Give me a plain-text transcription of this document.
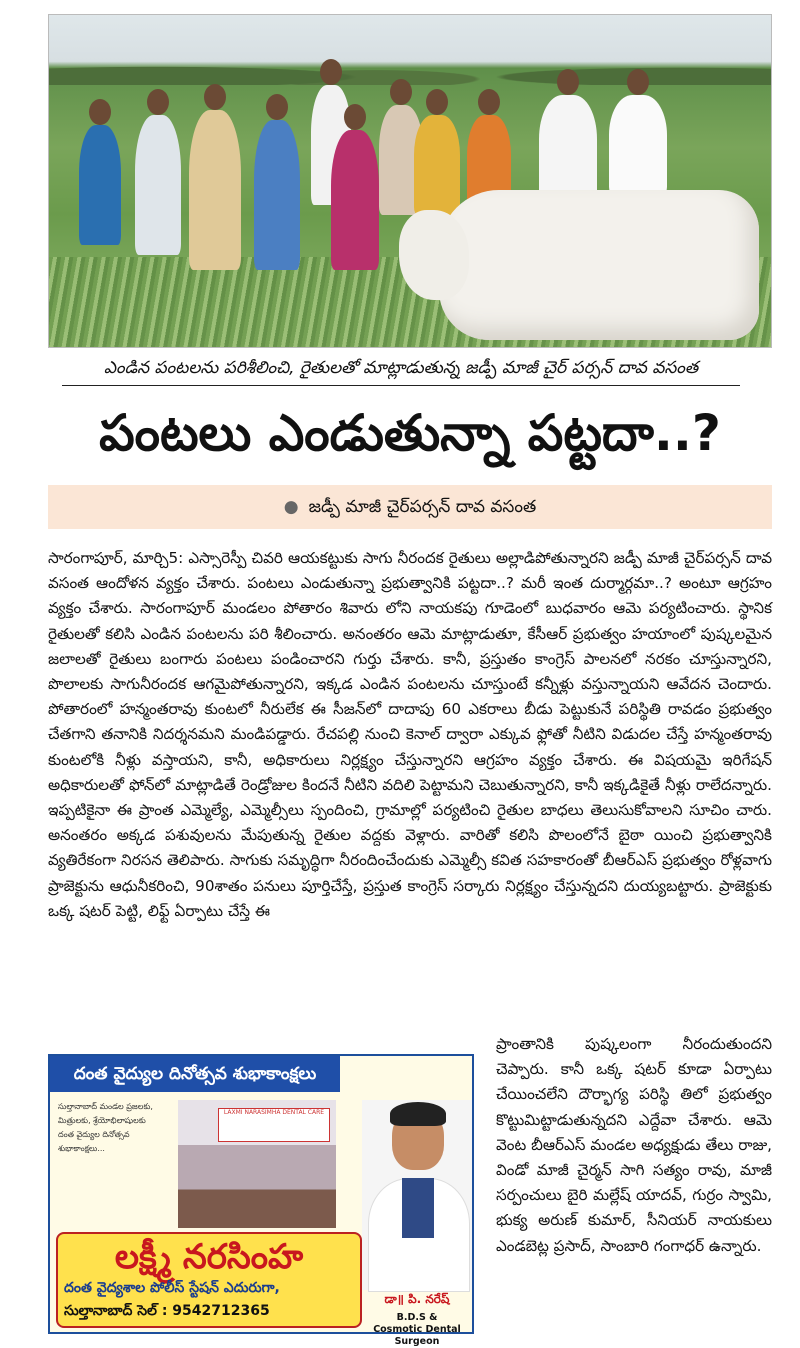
ఎండిన పంటలను పరిశీలించి, రైతులతో మాట్లాడుతున్న జడ్పీ మాజీ చైర్ పర్సన్ దావ వసంత
పంటలు ఎండుతున్నా పట్టదా..?
● జడ్పీ మాజీ చైర్‌పర్సన్ దావ వసంత
సారంగాపూర్, మార్చి5: ఎస్సారెస్పీ చివరి ఆయకట్టుకు సాగు నీరందక రైతులు అల్లాడిపోతున్నారని జడ్పీ మాజీ చైర్‌పర్సన్ దావ వసంత ఆందోళన వ్యక్తం చేశారు. పంటలు ఎండుతున్నా ప్రభుత్వానికి పట్టదా..? మరీ ఇంత దుర్మార్గమా..? అంటూ ఆగ్రహం వ్యక్తం చేశారు. సారంగాపూర్ మండలం పోతారం శివారు లోని నాయకపు గూడెంలో బుధవారం ఆమె పర్యటించారు. స్థానిక రైతులతో కలిసి ఎండిన పంటలను పరి శీలించారు. అనంతరం ఆమె మాట్లాడుతూ, కేసీఆర్ ప్రభుత్వం హయాంలో పుష్కలమైన జలాలతో రైతులు బంగారు పంటలు పండించారని గుర్తు చేశారు. కానీ, ప్రస్తుతం కాంగ్రెస్ పాలనలో నరకం చూస్తున్నారని, పొలాలకు సాగునీరందక ఆగమైపోతున్నారని, ఇక్కడ ఎండిన పంటలను చూస్తుంటే కన్నీళ్లు వస్తున్నాయని ఆవేదన చెందారు. పోతారంలో హన్మంతరావు కుంటలో నీరులేక ఈ సీజన్‌లో దాదాపు 60 ఎకరాలు బీడు పెట్టుకునే పరిస్థితి రావడం ప్రభుత్వం చేతగాని తనానికి నిదర్శనమని మండిపడ్డారు. రేచపల్లి నుంచి కెనాల్ ద్వారా ఎక్కువ ఫ్లోతో నీటిని విడుదల చేస్తే హన్మంతరావు కుంటలోకి నీళ్లు వస్తాయని, కానీ, అధికారులు నిర్లక్ష్యం చేస్తున్నారని ఆగ్రహం వ్యక్తం చేశారు. ఈ విషయమై ఇరిగేషన్ అధికారులతో ఫోన్‌లో మాట్లాడితే రెండ్రోజుల కిందనే నీటిని వదిలి పెట్టామని చెబుతున్నారని, కానీ ఇక్కడికైతే నీళ్లు రాలేదన్నారు. ఇప్పటికైనా ఈ ప్రాంత ఎమ్మెల్యే, ఎమ్మెల్సీలు స్పందించి, గ్రామాల్లో పర్యటించి రైతుల బాధలు తెలుసుకోవాలని సూచిం చారు. అనంతరం అక్కడ పశువులను మేపుతున్న రైతుల వద్దకు వెళ్లారు. వారితో కలిసి పొలంలోనే బైఠా యించి ప్రభుత్వానికి వ్యతిరేకంగా నిరసన తెలిపారు. సాగుకు సమృద్ధిగా నీరందించేందుకు ఎమ్మెల్సీ కవిత సహకారంతో బీఆర్ఎస్ ప్రభుత్వం రోళ్లవాగు ప్రాజెక్టును ఆధునీకరించి, 90శాతం పనులు పూర్తిచేస్తే, ప్రస్తుత కాంగ్రెస్ సర్కారు నిర్లక్ష్యం చేస్తున్నదని దుయ్యబట్టారు. ప్రాజెక్టుకు ఒక్క షటర్ పెట్టి, లిఫ్ట్ ఏర్పాటు చేస్తే ఈ
దంత వైద్యుల దినోత్సవ శుభాకాంక్షలు
సుల్తానాబాద్ మండల ప్రజలకు,
మిత్రులకు, శ్రేయోభిలాషులకు
దంత వైద్యుల దినోత్సవ
శుభాకాంక్షలు...
LAXMI NARASIMHA DENTAL CARE
లక్ష్మీ నరసింహ
దంత వైద్యశాల పోలీస్ స్టేషన్ ఎదురుగా,
సుల్తానాబాద్ సెల్ : 9542712365
డా॥ పి. నరేష్
B.D.S &
Cosmotic Dental Surgeon
ప్రాంతానికి పుష్కలంగా నీరందుతుందని చెప్పారు. కానీ ఒక్క షటర్ కూడా ఏర్పాటు చేయించలేని దౌర్భాగ్య పరిస్థి తిలో ప్రభుత్వం కొట్టుమిట్టాడుతున్నదని ఎద్దేవా చేశారు. ఆమె వెంట బీఆర్ఎస్ మండల అధ్యక్షుడు తేలు రాజు, విండో మాజీ చైర్మన్ సాగి సత్యం రావు, మాజీ సర్పంచులు బైరి మల్లేష్ యాదవ్, గుర్రం స్వామి, భుక్య అరుణ్ కుమార్, సీనియర్ నాయకులు ఎండబెట్ల ప్రసాద్, సాంబారి గంగాధర్ ఉన్నారు.
